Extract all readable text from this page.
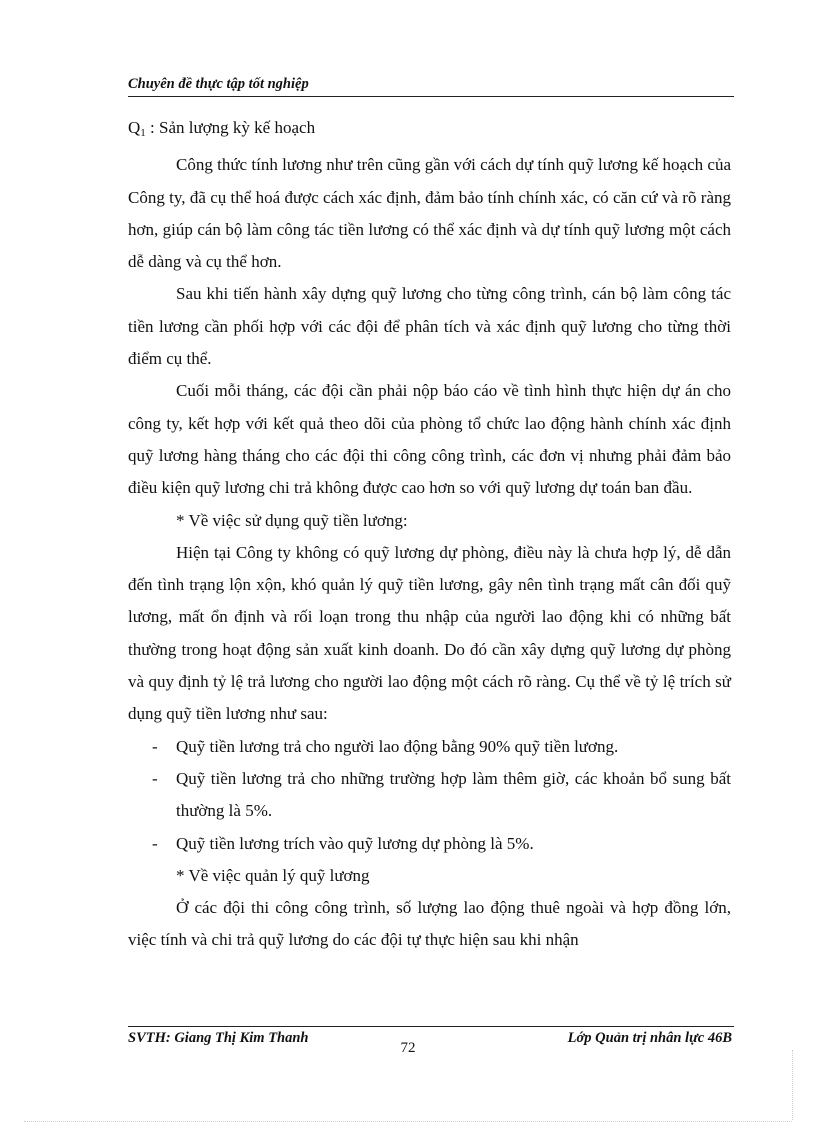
Chuyên đề thực tập tốt nghiệp

Q1 : Sản lượng kỳ kế hoạch

Công thức tính lương như trên cũng gần với cách dự tính quỹ lương kế hoạch của Công ty, đã cụ thể hoá được cách xác định, đảm bảo tính chính xác, có căn cứ và rõ ràng hơn, giúp cán bộ làm công tác tiền lương có thể xác định và dự tính quỹ lương một cách dễ dàng và cụ thể hơn.

Sau khi tiến hành xây dựng quỹ lương cho từng công trình, cán bộ làm công tác tiền lương cần phối hợp với các đội để phân tích và xác định quỹ lương cho từng thời điểm cụ thể.

Cuối mỗi tháng, các đội cần phải nộp báo cáo về tình hình thực hiện dự án cho công ty, kết hợp với kết quả theo dõi của phòng tổ chức lao động hành chính xác định quỹ lương hàng tháng cho các đội thi công công trình, các đơn vị nhưng phải đảm bảo điều kiện quỹ lương chi trả không được cao hơn so với quỹ lương dự toán ban đầu.

* Về việc sử dụng quỹ tiền lương:

Hiện tại Công ty không có quỹ lương dự phòng, điều này là chưa hợp lý, dễ dẫn đến tình trạng lộn xộn, khó quản lý quỹ tiền lương, gây nên tình trạng mất cân đối quỹ lương, mất ổn định và rối loạn trong thu nhập của người lao động khi có những bất thường trong hoạt động sản xuất kinh doanh. Do đó cần xây dựng quỹ lương dự phòng và quy định tỷ lệ trả lương cho người lao động một cách rõ ràng. Cụ thể về tỷ lệ trích sử dụng quỹ tiền lương như sau:

- Quỹ tiền lương trả cho người lao động bằng 90% quỹ tiền lương.
- Quỹ tiền lương trả cho những trường hợp làm thêm giờ, các khoản bổ sung bất thường là 5%.
- Quỹ tiền lương trích vào quỹ lương dự phòng là 5%.

* Về việc quản lý quỹ lương

Ở các đội thi công công trình, số lượng lao động thuê ngoài và hợp đồng lớn, việc tính và chi trả quỹ lương do các đội tự thực hiện sau khi nhận

SVTH: Giang Thị Kim Thanh	Lớp Quản trị nhân lực 46B
72
